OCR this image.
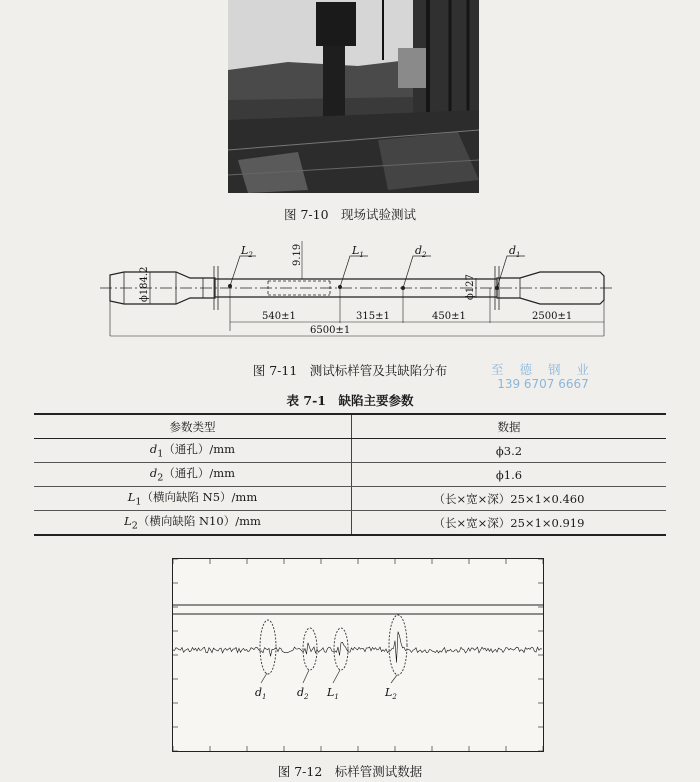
图 7-10　现场试验测试
$L_2$	$L_1$	$d_2$	$d_1$
ϕ184.2	ϕ127
9.19
540±1	315±1	450±1	2500±1
6500±1
图 7-11　测试标样管及其缺陷分布	至 德 钢 业
139 6707 6667
表 7-1　缺陷主要参数
参数类型	数据
$d_1$（通孔）/mm	ϕ3.2
$d_2$（通孔）/mm	ϕ1.6
$L_1$（横向缺陷 N5）/mm	（长×宽×深）25×1×0.460
$L_2$（横向缺陷 N10）/mm	（长×宽×深）25×1×0.919
$d_1$	$d_2$ $L_1$	$L_2$
图 7-12　标样管测试数据
